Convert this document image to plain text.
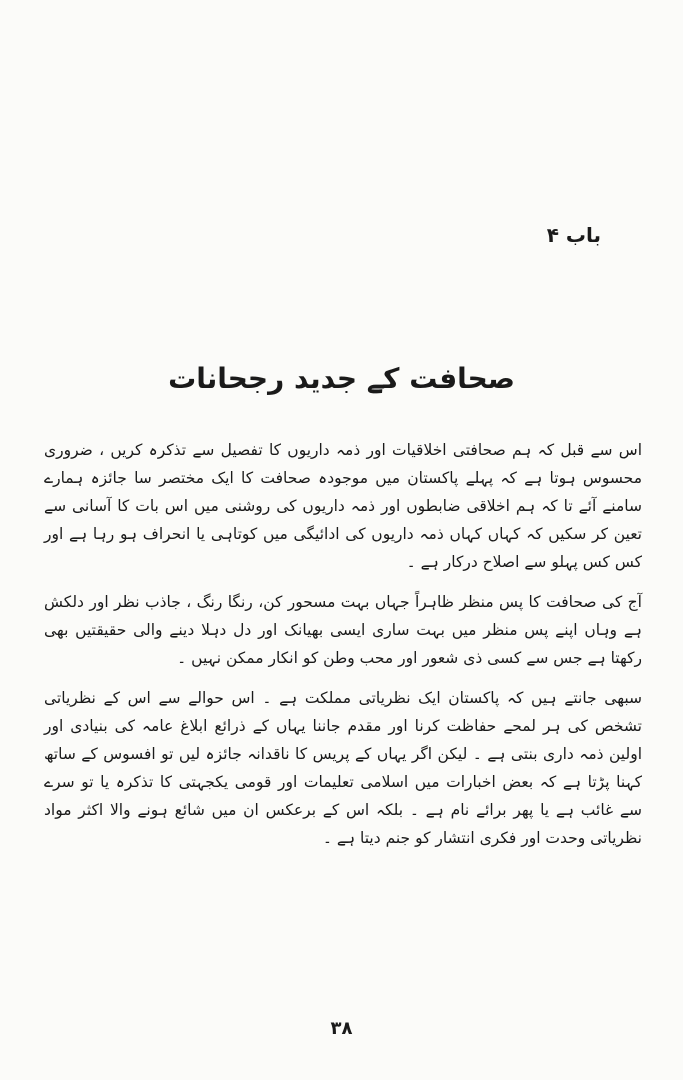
باب ۴
صحافت کے جدید رجحانات

اس سے قبل کہ ہم صحافتی اخلاقیات اور ذمہ داریوں کا تفصیل سے تذکرہ کریں ، ضروری محسوس ہوتا ہے کہ پہلے پاکستان میں موجودہ صحافت کا ایک مختصر سا جائزہ ہمارے سامنے آئے تا کہ ہم اخلاقی ضابطوں اور ذمہ داریوں کی روشنی میں اس بات کا آسانی سے تعین کر سکیں کہ کہاں کہاں ذمہ داریوں کی ادائیگی میں کوتاہی یا انحراف ہو رہا ہے اور کس کس پہلو سے اصلاح درکار ہے ۔

آج کی صحافت کا پس منظر ظاہراً جہاں بہت مسحور کن، رنگا رنگ ، جاذب نظر اور دلکش ہے وہاں اپنے پس منظر میں بہت ساری ایسی بھیانک اور دل دہلا دینے والی حقیقتیں بھی رکھتا ہے جس سے کسی ذی شعور اور محب وطن کو انکار ممکن نہیں ۔

سبھی جانتے ہیں کہ پاکستان ایک نظریاتی مملکت ہے ۔ اس حوالے سے اس کے نظریاتی تشخص کی ہر لمحے حفاظت کرنا اور مقدم جاننا یہاں کے ذرائع ابلاغ عامہ کی بنیادی اور اولین ذمہ داری بنتی ہے ۔ لیکن اگر یہاں کے پریس کا ناقدانہ جائزہ لیں تو افسوس کے ساتھ کہنا پڑتا ہے کہ بعض اخبارات میں اسلامی تعلیمات اور قومی یکجہتی کا تذکرہ یا تو سرے سے غائب ہے یا پھر برائے نام ہے ۔ بلکہ اس کے برعکس ان میں شائع ہونے والا اکثر مواد نظریاتی وحدت اور فکری انتشار کو جنم دیتا ہے ۔

۳۸
